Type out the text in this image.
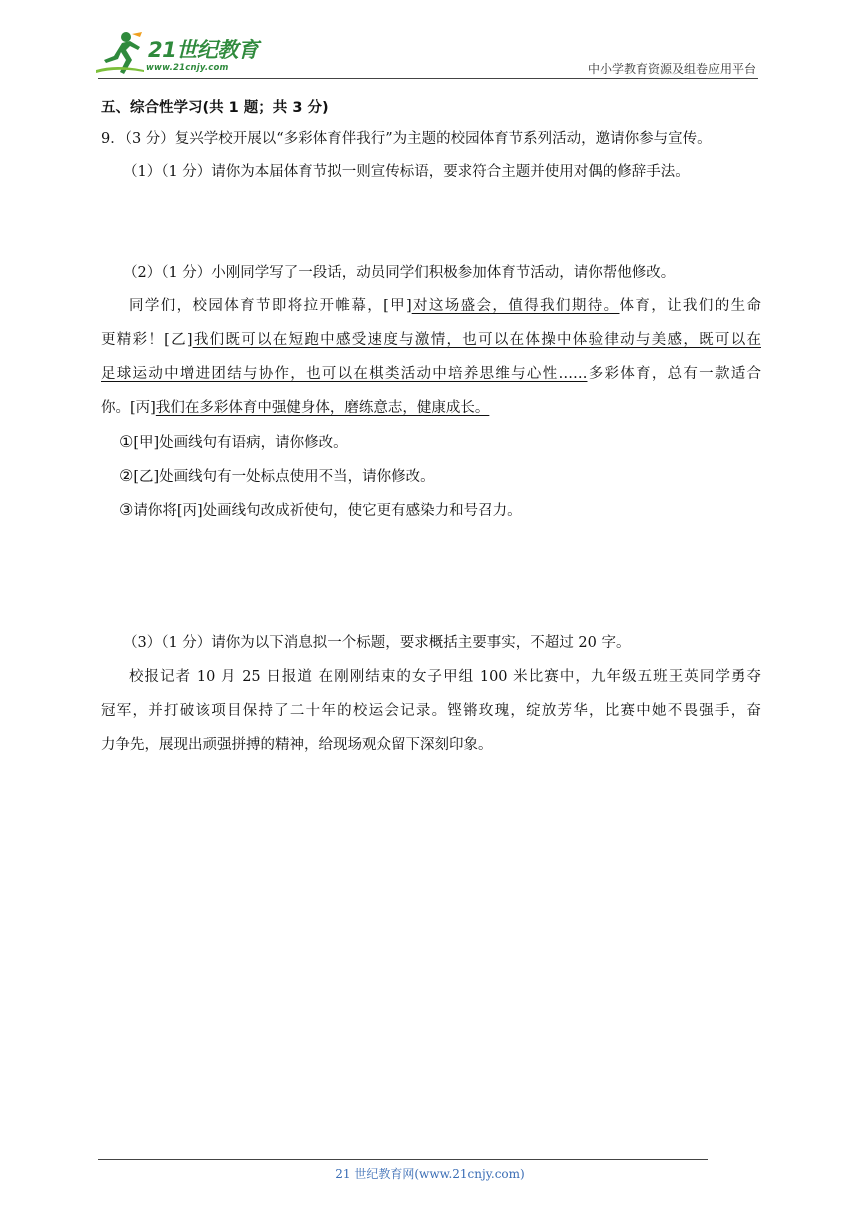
21世纪教育
www.21cnjy.com	中小学教育资源及组卷应用平台
五、综合性学习(共 1 题；共 3 分)
9．（3 分）复兴学校开展以“多彩体育伴我行”为主题的校园体育节系列活动，邀请你参与宣传。
（1）（1 分）请你为本届体育节拟一则宣传标语，要求符合主题并使用对偶的修辞手法。
（2）（1 分）小刚同学写了一段话，动员同学们积极参加体育节活动，请你帮他修改。
同学们，校园体育节即将拉开帷幕，[甲]对这场盛会，值得我们期待。体育，让我们的生命
更精彩！[乙]我们既可以在短跑中感受速度与激情，也可以在体操中体验律动与美感，既可以在
足球运动中增进团结与协作，也可以在棋类活动中培养思维与心性……多彩体育，总有一款适合
你。[丙]我们在多彩体育中强健身体，磨练意志，健康成长。
①[甲]处画线句有语病，请你修改。
②[乙]处画线句有一处标点使用不当，请你修改。
③请你将[丙]处画线句改成祈使句，使它更有感染力和号召力。
（3）（1 分）请你为以下消息拟一个标题，要求概括主要事实，不超过 20 字。
校报记者 10 月 25 日报道 在刚刚结束的女子甲组 100 米比赛中，九年级五班王英同学勇夺
冠军，并打破该项目保持了二十年的校运会记录。铿锵玫瑰，绽放芳华，比赛中她不畏强手，奋
力争先，展现出顽强拼搏的精神，给现场观众留下深刻印象。
21 世纪教育网(www.21cnjy.com)
